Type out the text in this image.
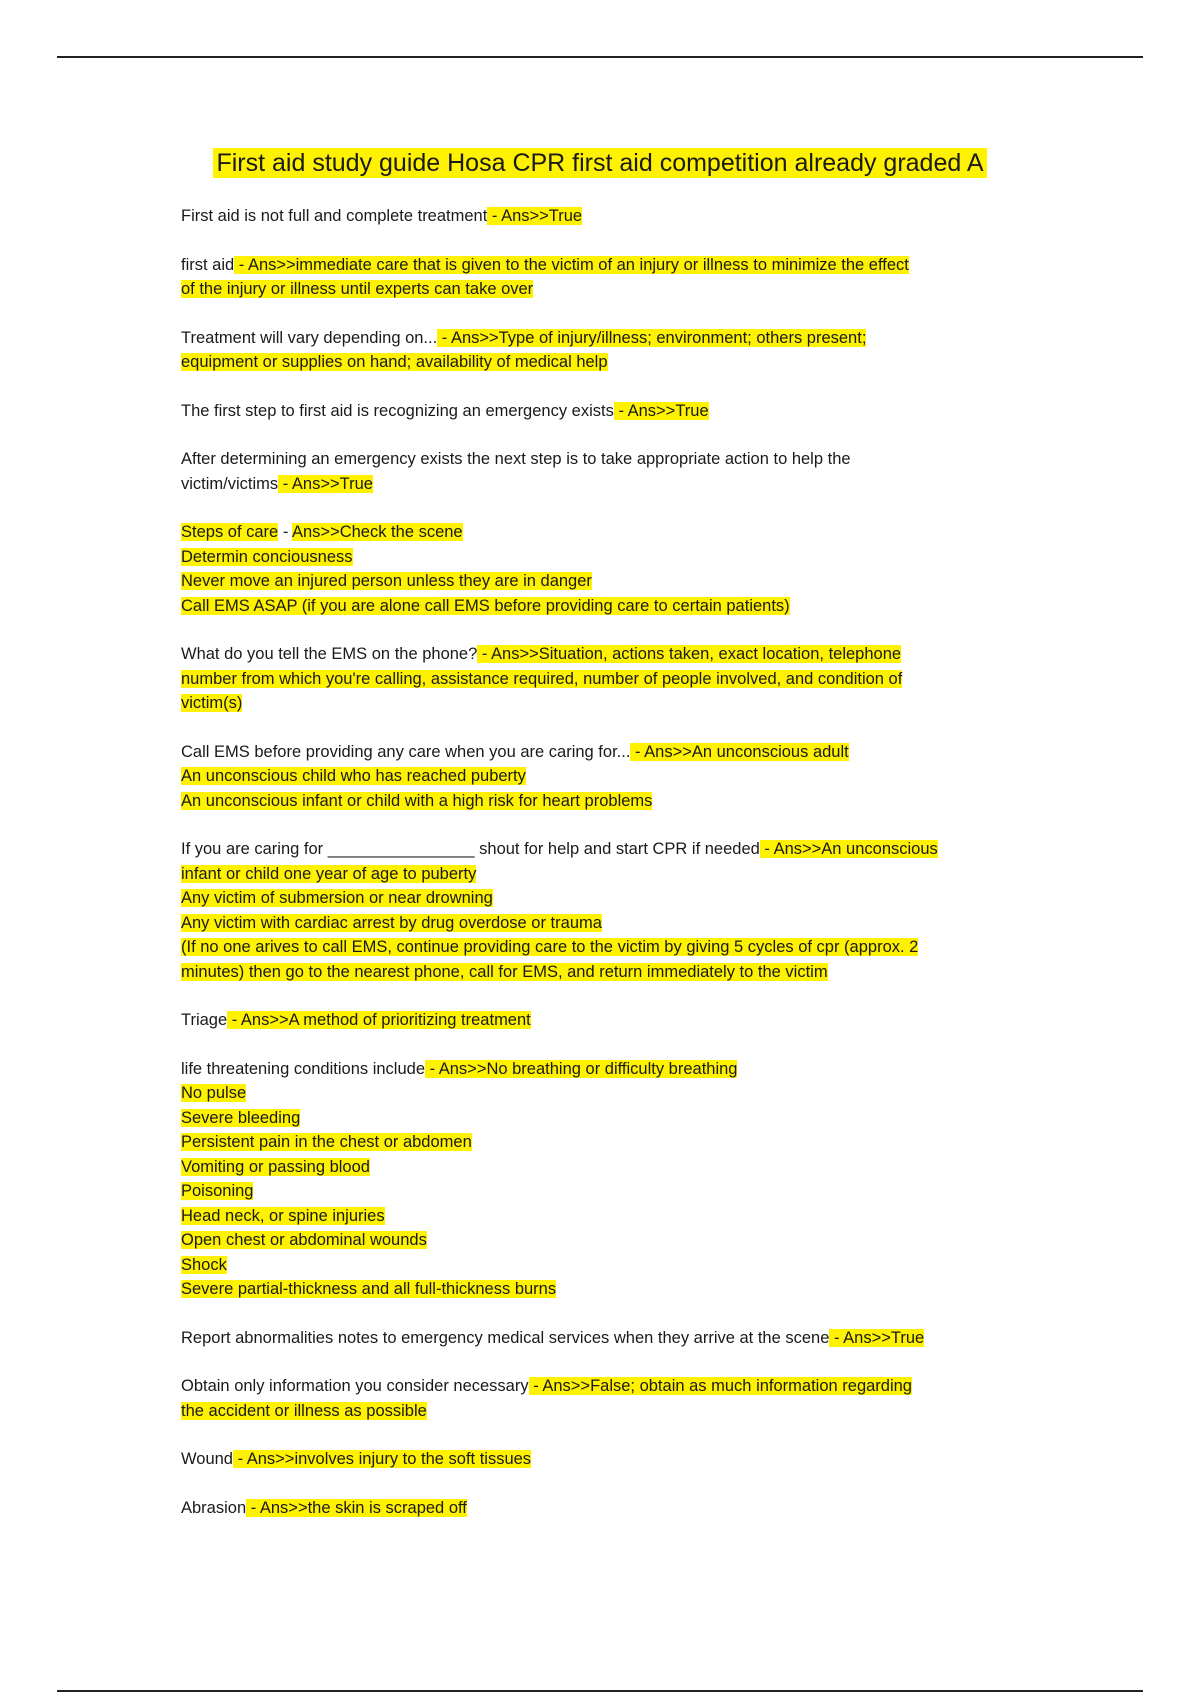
First aid study guide Hosa CPR first aid competition already graded A
First aid is not full and complete treatment - Ans>>True
first aid - Ans>>immediate care that is given to the victim of an injury or illness to minimize the effect
of the injury or illness until experts can take over
Treatment will vary depending on... - Ans>>Type of injury/illness; environment; others present;
equipment or supplies on hand; availability of medical help
The first step to first aid is recognizing an emergency exists - Ans>>True
After determining an emergency exists the next step is to take appropriate action to help the
victim/victims - Ans>>True
Steps of care - Ans>>Check the scene
Determin conciousness
Never move an injured person unless they are in danger
Call EMS ASAP (if you are alone call EMS before providing care to certain patients)
What do you tell the EMS on the phone? - Ans>>Situation, actions taken, exact location, telephone
number from which you're calling, assistance required, number of people involved, and condition of
victim(s)
Call EMS before providing any care when you are caring for... - Ans>>An unconscious adult
An unconscious child who has reached puberty
An unconscious infant or child with a high risk for heart problems
If you are caring for ________________ shout for help and start CPR if needed - Ans>>An unconscious
infant or child one year of age to puberty
Any victim of submersion or near drowning
Any victim with cardiac arrest by drug overdose or trauma
(If no one arives to call EMS, continue providing care to the victim by giving 5 cycles of cpr (approx. 2
minutes) then go to the nearest phone, call for EMS, and return immediately to the victim
Triage - Ans>>A method of prioritizing treatment
life threatening conditions include - Ans>>No breathing or difficulty breathing
No pulse
Severe bleeding
Persistent pain in the chest or abdomen
Vomiting or passing blood
Poisoning
Head neck, or spine injuries
Open chest or abdominal wounds
Shock
Severe partial-thickness and all full-thickness burns
Report abnormalities notes to emergency medical services when they arrive at the scene - Ans>>True
Obtain only information you consider necessary - Ans>>False; obtain as much information regarding
the accident or illness as possible
Wound - Ans>>involves injury to the soft tissues
Abrasion - Ans>>the skin is scraped off
